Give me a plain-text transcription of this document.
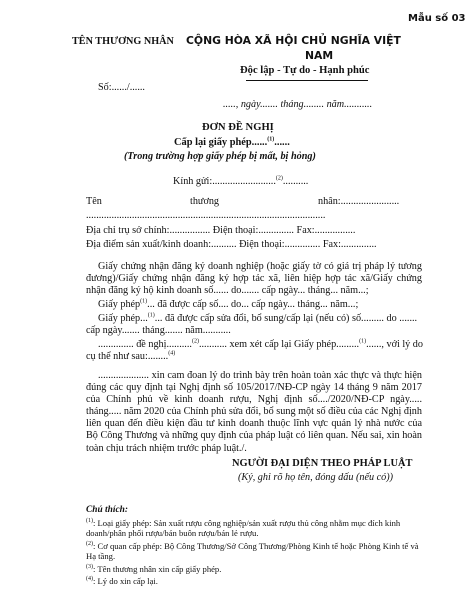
Mẫu số 03
TÊN THƯƠNG NHÂN CỘNG HÒA XÃ HỘI CHỦ NGHĨA VIỆT
NAM
Độc lập - Tự do - Hạnh phúc
Số:....../......
....., ngày....... tháng........ năm...........
ĐƠN ĐỀ NGHỊ
Cấp lại giấy phép......$^{(1)}$......
(Trong trường hợp giấy phép bị mất, bị hỏng)
Kính gửi:.........................$^{(2)}$..........
Tên	thương	nhân:.......................
..............................................................................................
Địa chỉ trụ sở chính:................ Điện thoại:.............. Fax:................
Địa điểm sản xuất/kinh doanh:.......... Điện thoại:.............. Fax:..............
Giấy chứng nhận đăng ký doanh nghiệp (hoặc giấy tờ có giá trị pháp lý tương đương)/Giấy chứng nhận đăng ký hợp tác xã, liên hiệp hợp tác xã/Giấy chứng nhận đăng ký hộ kinh doanh số...... do....... cấp ngày... tháng... năm...;
Giấy phép$^{(1)}$... đã được cấp số.... do... cấp ngày... tháng... năm...;
Giấy phép...$^{(1)}$... đã được cấp sửa đổi, bổ sung/cấp lại (nếu có) số......... do .......
cấp ngày....... tháng....... năm...........
.............. đề nghị..........$^{(2)}$........... xem xét cấp lại Giấy phép.........$^{(1)}$......, với lý do
cụ thể như sau:........$^{(4)}$
.................... xin cam đoan lý do trình bày trên hoàn toàn xác thực và thực hiện đúng các quy định tại Nghị định số 105/2017/NĐ-CP ngày 14 tháng 9 năm 2017 của Chính phủ về kinh doanh rượu, Nghị định số..../2020/NĐ-CP ngày..... tháng..... năm 2020 của Chính phủ sửa đổi, bổ sung một số điều của các Nghị định liên quan đến điều kiện đầu tư kinh doanh thuộc lĩnh vực quản lý nhà nước của Bộ Công Thương và những quy định của pháp luật có liên quan. Nếu sai, xin hoàn toàn chịu trách nhiệm trước pháp luật./.
NGƯỜI ĐẠI DIỆN THEO PHÁP LUẬT
(Ký, ghi rõ họ tên, đóng dấu (nếu có))
Chú thích:
$^{(1)}$: Loại giấy phép: Sản xuất rượu công nghiệp/sản xuất rượu thủ công nhằm mục đích kinh doanh/phân phối rượu/bán buôn rượu/bán lẻ rượu.
$^{(2)}$: Cơ quan cấp phép: Bộ Công Thương/Sở Công Thương/Phòng Kinh tế hoặc Phòng Kinh tế và Hạ tầng.
$^{(3)}$: Tên thương nhân xin cấp giấy phép.
$^{(4)}$: Lý do xin cấp lại.
